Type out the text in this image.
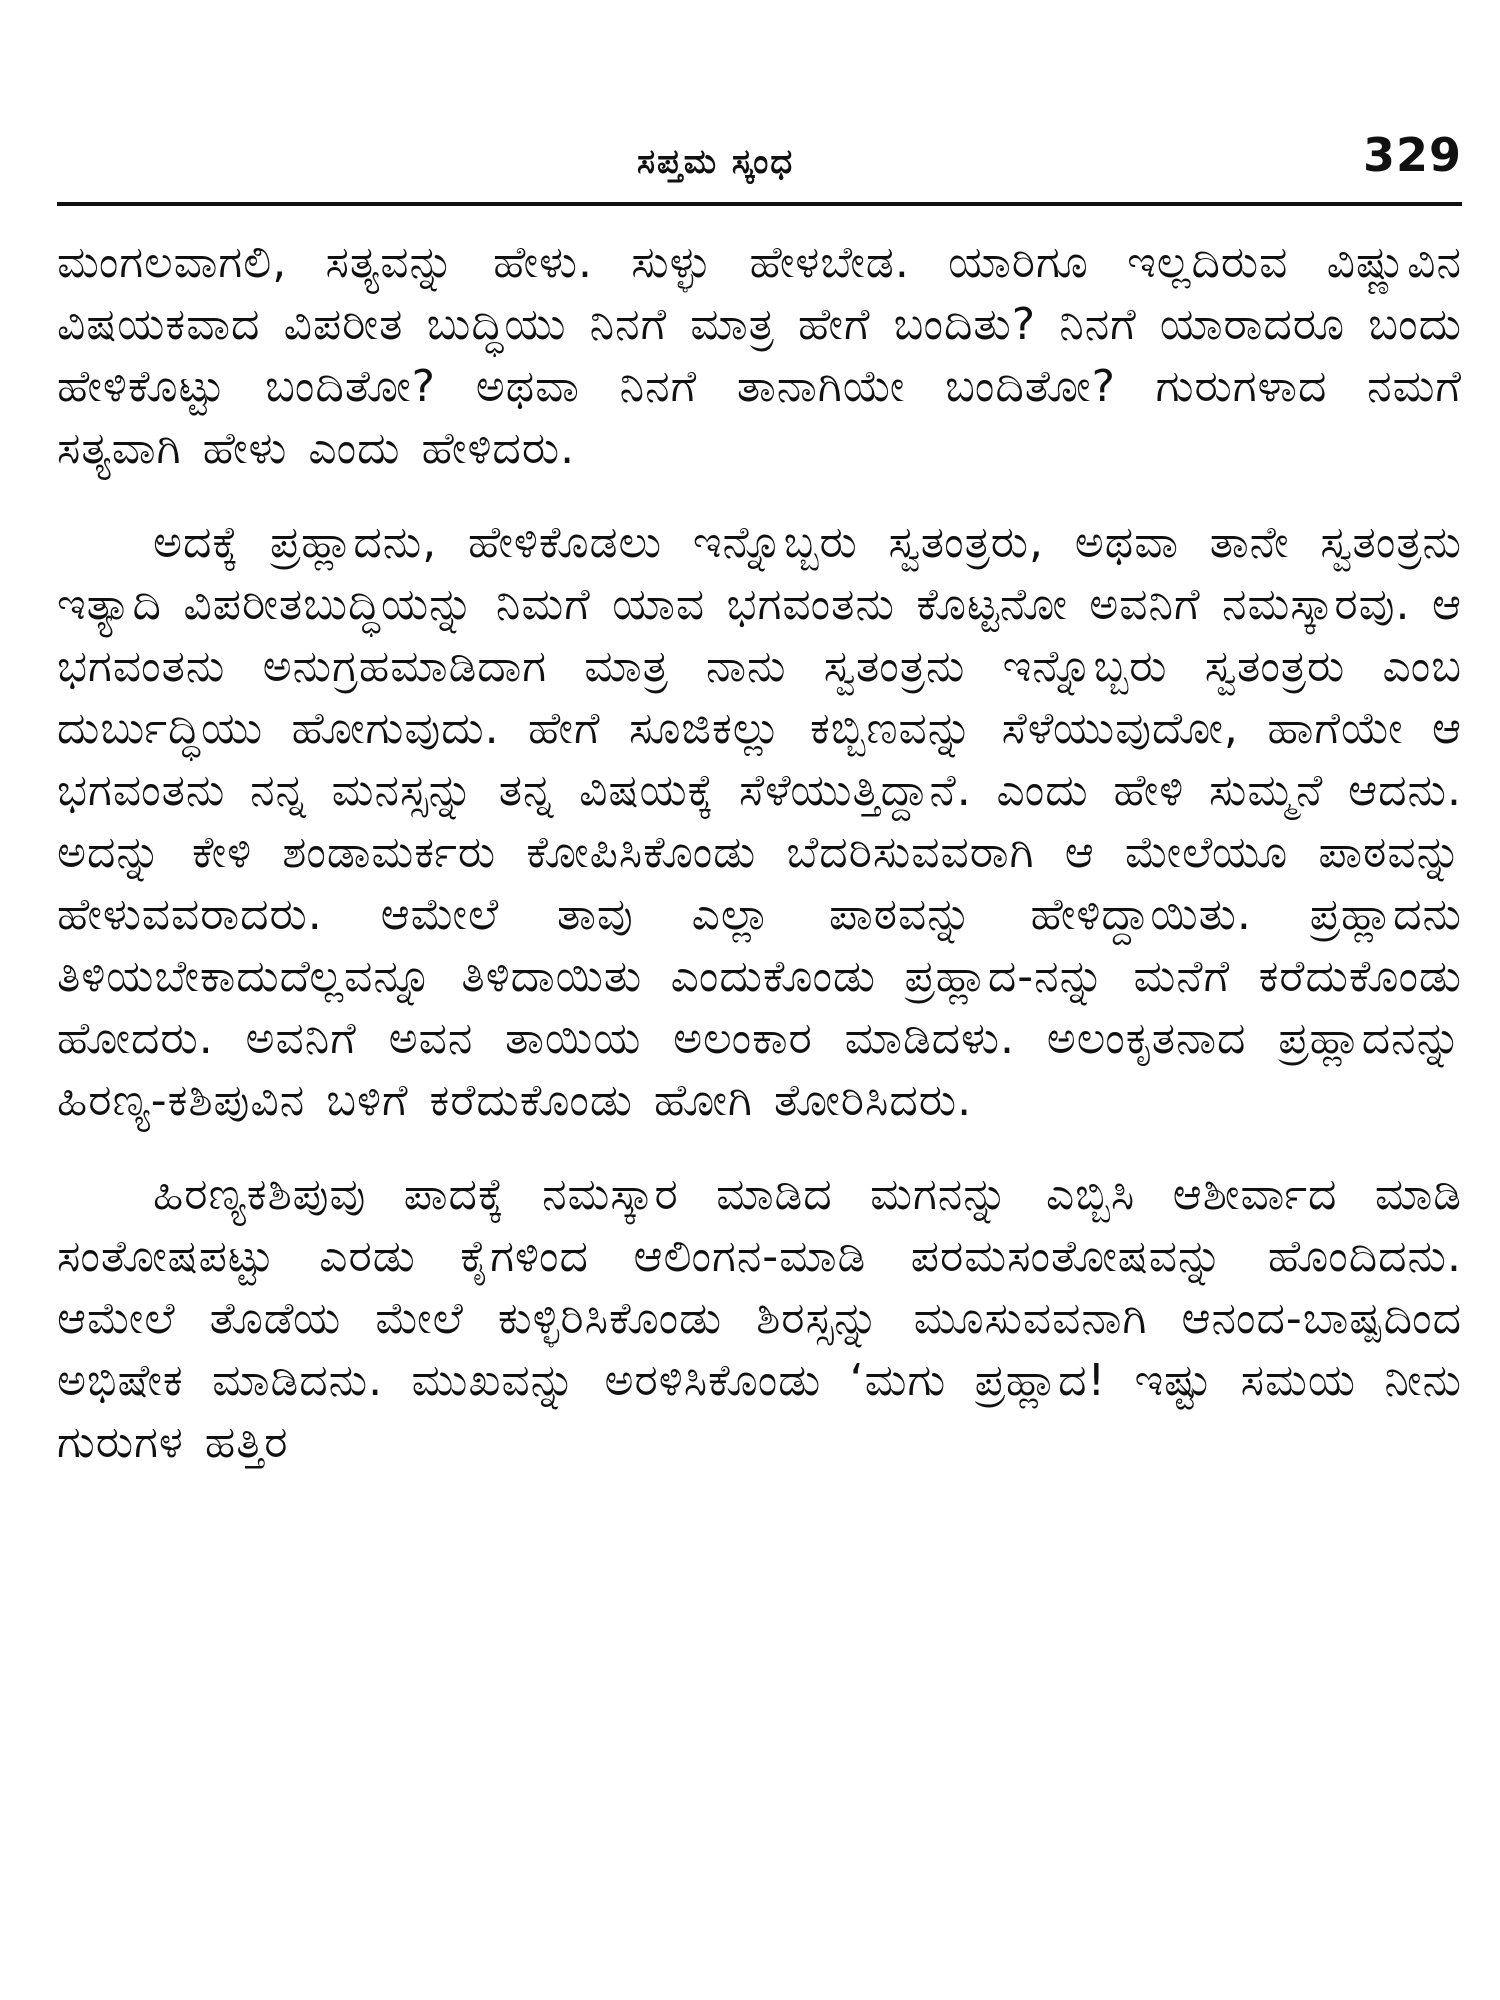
ಸಪ್ತಮ ಸ್ಕಂಧ	329

ಮಂಗಲವಾಗಲಿ, ಸತ್ಯವನ್ನು ಹೇಳು. ಸುಳ್ಳು ಹೇಳಬೇಡ. ಯಾರಿಗೂ ಇಲ್ಲದಿರುವ ವಿಷ್ಣುವಿನ ವಿಷಯಕವಾದ ವಿಪರೀತ ಬುದ್ಧಿಯು ನಿನಗೆ ಮಾತ್ರ ಹೇಗೆ ಬಂದಿತು? ನಿನಗೆ ಯಾರಾದರೂ ಬಂದು ಹೇಳಿಕೊಟ್ಟು ಬಂದಿತೋ? ಅಥವಾ ನಿನಗೆ ತಾನಾಗಿಯೇ ಬಂದಿತೋ? ಗುರುಗಳಾದ ನಮಗೆ ಸತ್ಯವಾಗಿ ಹೇಳು ಎಂದು ಹೇಳಿದರು.

ಅದಕ್ಕೆ ಪ್ರಹ್ಲಾದನು, ಹೇಳಿಕೊಡಲು ಇನ್ನೊಬ್ಬರು ಸ್ವತಂತ್ರರು, ಅಥವಾ ತಾನೇ ಸ್ವತಂತ್ರನು ಇತ್ಯಾದಿ ವಿಪರೀತಬುದ್ಧಿಯನ್ನು ನಿಮಗೆ ಯಾವ ಭಗವಂತನು ಕೊಟ್ಟನೋ ಅವನಿಗೆ ನಮಸ್ಕಾರವು. ಆ ಭಗವಂತನು ಅನುಗ್ರಹಮಾಡಿದಾಗ ಮಾತ್ರ ನಾನು ಸ್ವತಂತ್ರನು ಇನ್ನೊಬ್ಬರು ಸ್ವತಂತ್ರರು ಎಂಬ ದುರ್ಬುದ್ಧಿಯು ಹೋಗುವುದು. ಹೇಗೆ ಸೂಜಿಕಲ್ಲು ಕಬ್ಬಿಣವನ್ನು ಸೆಳೆಯುವುದೋ, ಹಾಗೆಯೇ ಆ ಭಗವಂತನು ನನ್ನ ಮನಸ್ಸನ್ನು ತನ್ನ ವಿಷಯಕ್ಕೆ ಸೆಳೆಯುತ್ತಿದ್ದಾನೆ. ಎಂದು ಹೇಳಿ ಸುಮ್ಮನೆ ಆದನು. ಅದನ್ನು ಕೇಳಿ ಶಂಡಾಮರ್ಕರು ಕೋಪಿಸಿಕೊಂಡು ಬೆದರಿಸುವವರಾಗಿ ಆ ಮೇಲೆಯೂ ಪಾಠವನ್ನು ಹೇಳುವವರಾದರು. ಆಮೇಲೆ ತಾವು ಎಲ್ಲಾ ಪಾಠವನ್ನು ಹೇಳಿದ್ದಾಯಿತು. ಪ್ರಹ್ಲಾದನು ತಿಳಿಯಬೇಕಾದುದೆಲ್ಲವನ್ನೂ ತಿಳಿದಾಯಿತು ಎಂದುಕೊಂಡು ಪ್ರಹ್ಲಾದ-ನನ್ನು ಮನೆಗೆ ಕರೆದುಕೊಂಡು ಹೋದರು. ಅವನಿಗೆ ಅವನ ತಾಯಿಯ ಅಲಂಕಾರ ಮಾಡಿದಳು. ಅಲಂಕೃತನಾದ ಪ್ರಹ್ಲಾದನನ್ನು ಹಿರಣ್ಯ-ಕಶಿಪುವಿನ ಬಳಿಗೆ ಕರೆದುಕೊಂಡು ಹೋಗಿ ತೋರಿಸಿದರು.

ಹಿರಣ್ಯಕಶಿಪುವು ಪಾದಕ್ಕೆ ನಮಸ್ಕಾರ ಮಾಡಿದ ಮಗನನ್ನು ಎಬ್ಬಿಸಿ ಆಶೀರ್ವಾದ ಮಾಡಿ ಸಂತೋಷಪಟ್ಟು ಎರಡು ಕೈಗಳಿಂದ ಆಲಿಂಗನ-ಮಾಡಿ ಪರಮಸಂತೋಷವನ್ನು ಹೊಂದಿದನು. ಆಮೇಲೆ ತೊಡೆಯ ಮೇಲೆ ಕುಳ್ಳಿರಿಸಿಕೊಂಡು ಶಿರಸ್ಸನ್ನು ಮೂಸುವವನಾಗಿ ಆನಂದ-ಬಾಷ್ಪದಿಂದ ಅಭಿಷೇಕ ಮಾಡಿದನು. ಮುಖವನ್ನು ಅರಳಿಸಿಕೊಂಡು ‘ಮಗು ಪ್ರಹ್ಲಾದ! ಇಷ್ಟು ಸಮಯ ನೀನು ಗುರುಗಳ ಹತ್ತಿರ
